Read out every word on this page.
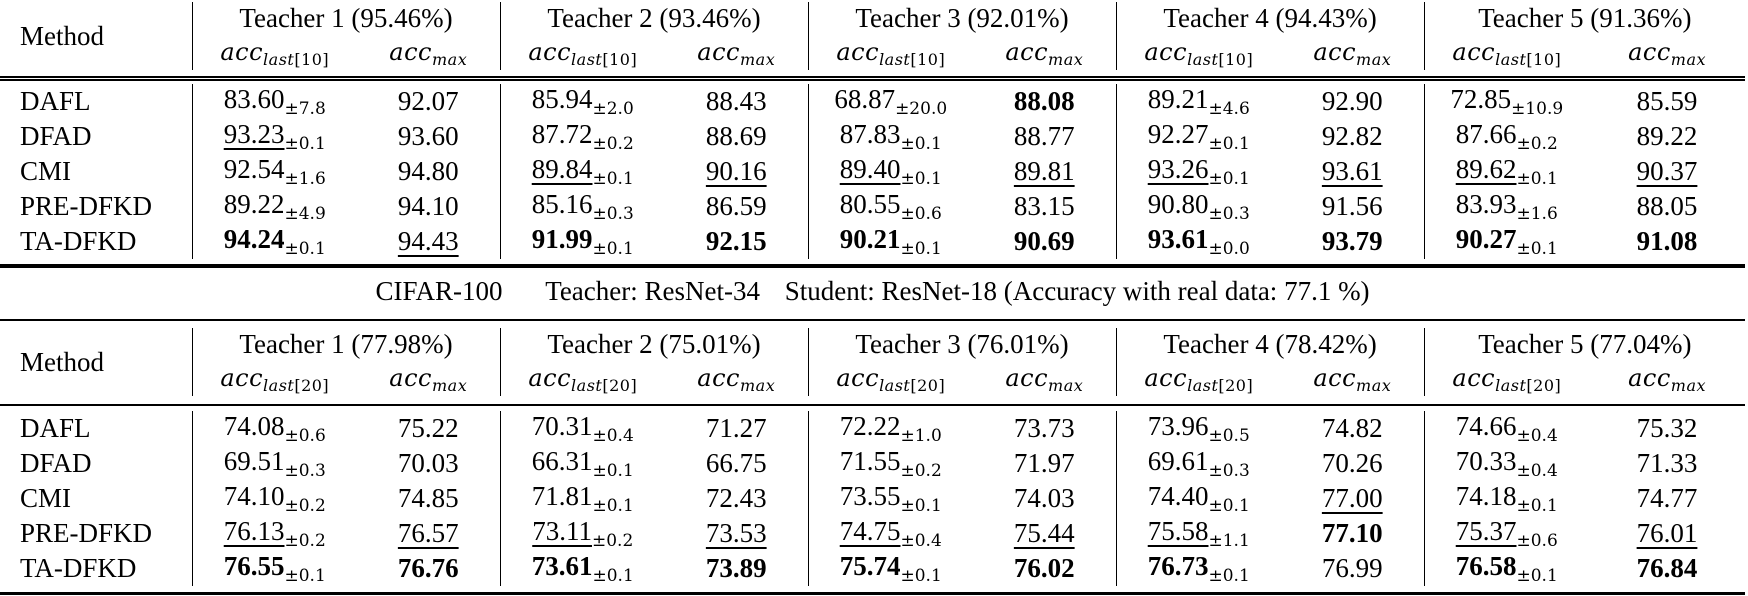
Method	Teacher 1 (95.46%)		Teacher 2 (93.46%)		Teacher 3 (92.01%)		Teacher 4 (94.43%)		Teacher 5 (91.36%)	
	acc$_{last[10]}$	acc$_{max}$	acc$_{last[10]}$	acc$_{max}$	acc$_{last[10]}$	acc$_{max}$	acc$_{last[10]}$	acc$_{max}$	acc$_{last[10]}$	acc$_{max}$
DAFL	$83.60_{\pm 7.8}$	92.07	$85.94_{\pm 2.0}$	88.43	$68.87_{\pm 20.0}$	88.08	$89.21_{\pm 4.6}$	92.90	$72.85_{\pm 10.9}$	85.59
DFAD	$93.23_{\pm 0.1}$	93.60	$87.72_{\pm 0.2}$	88.69	$87.83_{\pm 0.1}$	88.77	$92.27_{\pm 0.1}$	92.82	$87.66_{\pm 0.2}$	89.22
CMI	$92.54_{\pm 1.6}$	94.80	$89.84_{\pm 0.1}$	90.16	$89.40_{\pm 0.1}$	89.81	$93.26_{\pm 0.1}$	93.61	$89.62_{\pm 0.1}$	90.37
PRE-DFKD	$89.22_{\pm 4.9}$	94.10	$85.16_{\pm 0.3}$	86.59	$80.55_{\pm 0.6}$	83.15	$90.80_{\pm 0.3}$	91.56	$83.93_{\pm 1.6}$	88.05
TA-DFKD	$94.24_{\pm 0.1}$	94.43	$91.99_{\pm 0.1}$	92.15	$90.21_{\pm 0.1}$	90.69	$93.61_{\pm 0.0}$	93.79	$90.27_{\pm 0.1}$	91.08
CIFAR-100 Teacher: ResNet-34 Student: ResNet-18 (Accuracy with real data: 77.1 %)
Method	Teacher 1 (77.98%)		Teacher 2 (75.01%)		Teacher 3 (76.01%)		Teacher 4 (78.42%)		Teacher 5 (77.04%)	
	acc$_{last[20]}$	acc$_{max}$	acc$_{last[20]}$	acc$_{max}$	acc$_{last[20]}$	acc$_{max}$	acc$_{last[20]}$	acc$_{max}$	acc$_{last[20]}$	acc$_{max}$
DAFL	$74.08_{\pm 0.6}$	75.22	$70.31_{\pm 0.4}$	71.27	$72.22_{\pm 1.0}$	73.73	$73.96_{\pm 0.5}$	74.82	$74.66_{\pm 0.4}$	75.32
DFAD	$69.51_{\pm 0.3}$	70.03	$66.31_{\pm 0.1}$	66.75	$71.55_{\pm 0.2}$	71.97	$69.61_{\pm 0.3}$	70.26	$70.33_{\pm 0.4}$	71.33
CMI	$74.10_{\pm 0.2}$	74.85	$71.81_{\pm 0.1}$	72.43	$73.55_{\pm 0.1}$	74.03	$74.40_{\pm 0.1}$	77.00	$74.18_{\pm 0.1}$	74.77
PRE-DFKD	$76.13_{\pm 0.2}$	76.57	$73.11_{\pm 0.2}$	73.53	$74.75_{\pm 0.4}$	75.44	$75.58_{\pm 1.1}$	77.10	$75.37_{\pm 0.6}$	76.01
TA-DFKD	$76.55_{\pm 0.1}$	76.76	$73.61_{\pm 0.1}$	73.89	$75.74_{\pm 0.1}$	76.02	$76.73_{\pm 0.1}$	76.99	$76.58_{\pm 0.1}$	76.84
